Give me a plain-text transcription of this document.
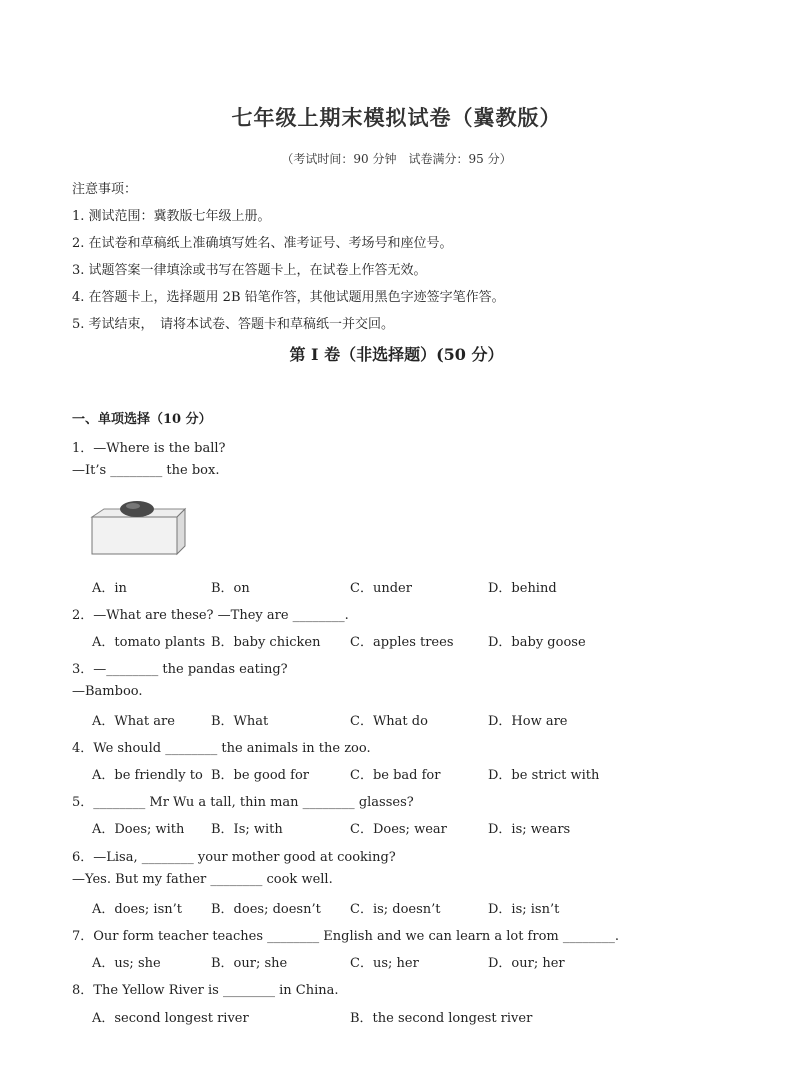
七年级上期末模拟试卷（冀教版）
（考试时间：90 分钟　试卷满分：95 分）
注意事项：
1. 测试范围：冀教版七年级上册。
2. 在试卷和草稿纸上准确填写姓名、准考证号、考场号和座位号。
3. 试题答案一律填涂或书写在答题卡上，在试卷上作答无效。
4. 在答题卡上，选择题用 2B 铅笔作答，其他试题用黑色字迹签字笔作答。
5. 考试结束，　请将本试卷、答题卡和草稿纸一并交回。
第 I 卷（非选择题）(50 分）
一、单项选择（10 分）
1．—Where is the ball?
—It’s ________ the box.
A．in	B．on	C．under	D．behind
2．—What are these? —They are ________.
A．tomato plants B．baby chicken C．apples trees	D．baby goose
3．—________ the pandas eating?
—Bamboo.
A．What are	B．What	C．What do	D．How are
4．We should ________ the animals in the zoo.
A．be friendly to B．be good for	C．be bad for	D．be strict with
5．________ Mr Wu a tall, thin man ________ glasses?
A．Does; with B．Is; with	C．Does; wear	D．is; wears
6．—Lisa, ________ your mother good at cooking?
—Yes. But my father ________ cook well.
A．does; isn’t B．does; doesn’t C．is; doesn’t	D．is; isn’t
7．Our form teacher teaches ________ English and we can learn a lot from ________.
A．us; she	B．our; she	C．us; her	D．our; her
8．The Yellow River is ________ in China.
A．second longest river	B．the second longest river
